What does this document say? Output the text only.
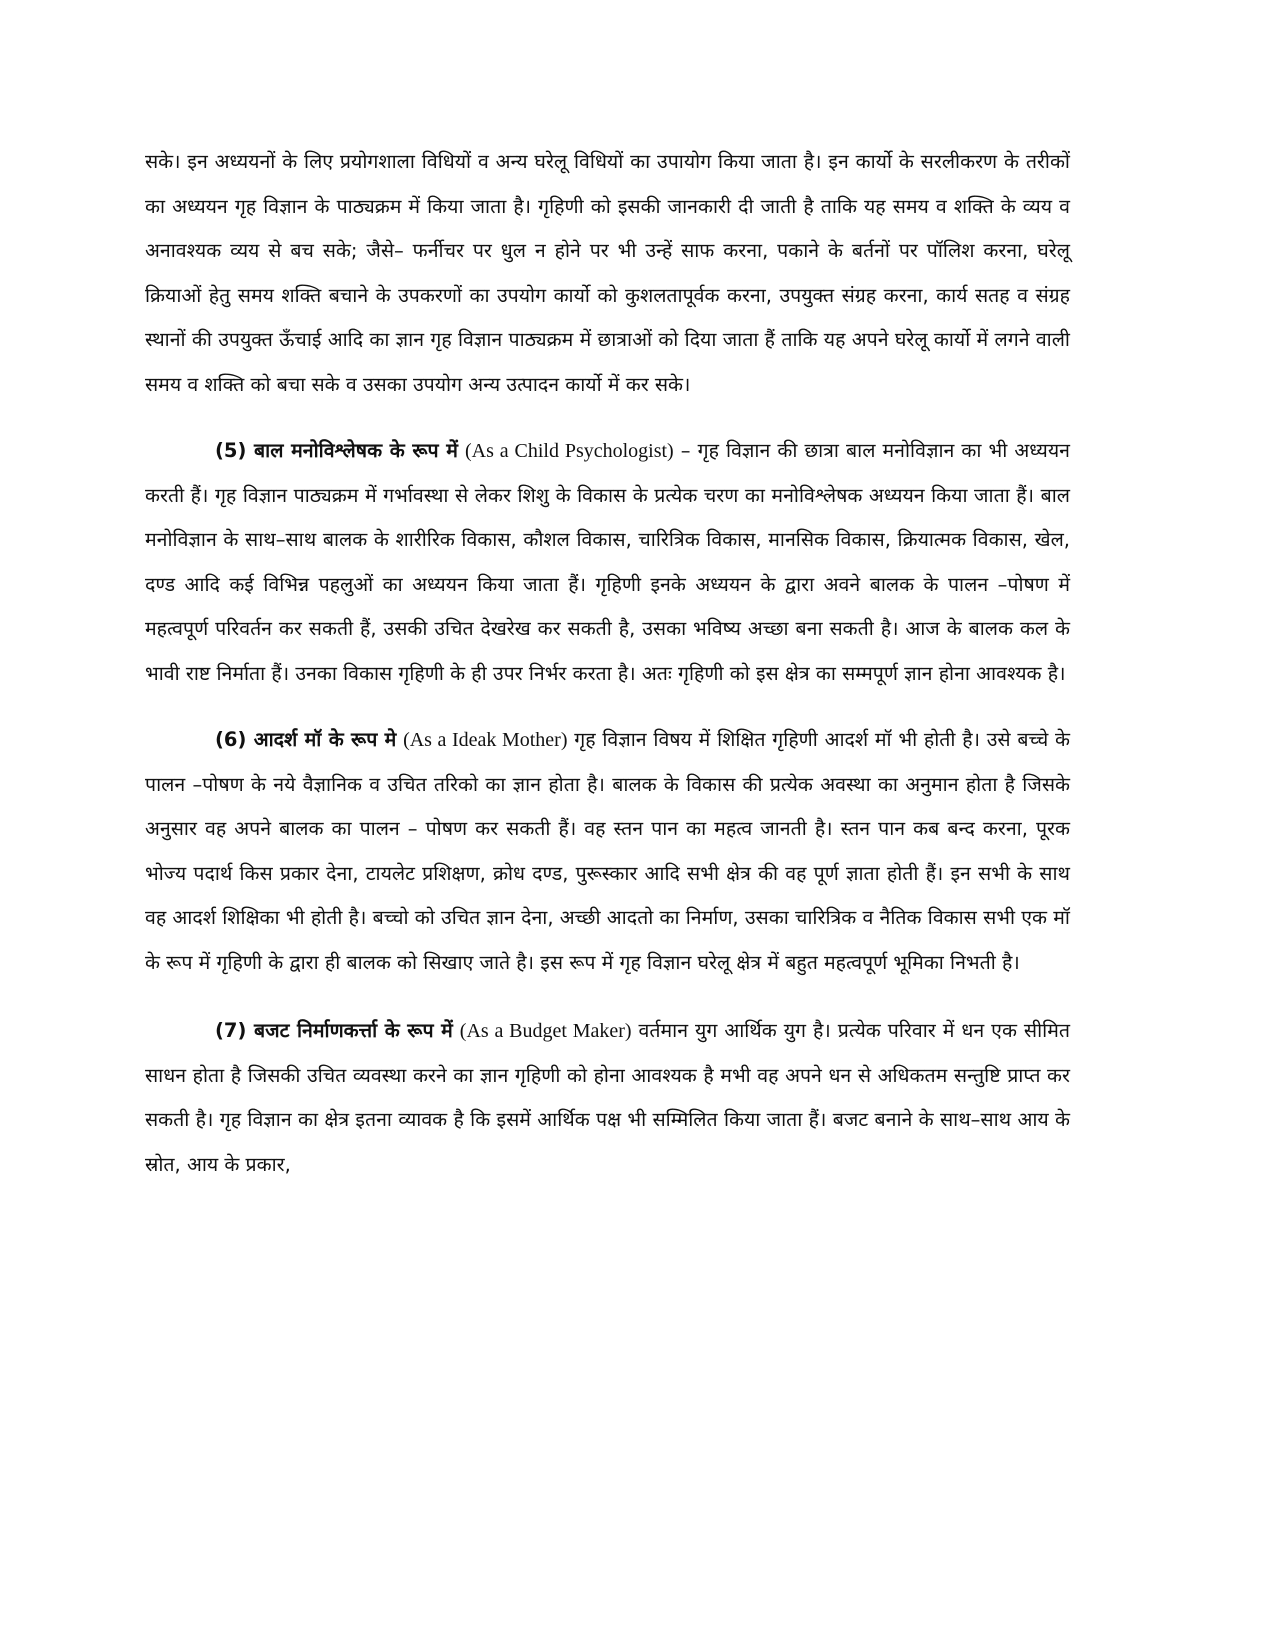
सके। इन अध्ययनों के लिए प्रयोगशाला विधियों व अन्य घरेलू विधियों का उपायोग किया जाता है। इन कार्यो के सरलीकरण के तरीकों का अध्ययन गृह विज्ञान के पाठ्यक्रम में किया जाता है। गृहिणी को इसकी जानकारी दी जाती है ताकि यह समय व शक्ति के व्यय व अनावश्यक व्यय से बच सके; जैसे– फर्नीचर पर धुल न होने पर भी उन्हें साफ करना, पकाने के बर्तनों पर पॉलिश करना, घरेलू क्रियाओं हेतु समय शक्ति बचाने के उपकरणों का उपयोग कार्यो को कुशलतापूर्वक करना, उपयुक्त संग्रह करना, कार्य सतह व संग्रह स्थानों की उपयुक्त ऊँचाई आदि का ज्ञान गृह विज्ञान पाठ्यक्रम में छात्राओं को दिया जाता हैं ताकि यह अपने घरेलू कार्यो में लगने वाली समय व शक्ति को बचा सके व उसका उपयोग अन्य उत्पादन कार्यो में कर सके।

(5) बाल मनोविश्लेषक के रूप में (As a Child Psychologist) – गृह विज्ञान की छात्रा बाल मनोविज्ञान का भी अध्ययन करती हैं। गृह विज्ञान पाठ्यक्रम में गर्भावस्था से लेकर शिशु के विकास के प्रत्येक चरण का मनोविश्लेषक अध्ययन किया जाता हैं। बाल मनोविज्ञान के साथ–साथ बालक के शारीरिक विकास, कौशल विकास, चारित्रिक विकास, मानसिक विकास, क्रियात्मक विकास, खेल, दण्ड आदि कई विभिन्न पहलुओं का अध्ययन किया जाता हैं। गृहिणी इनके अध्ययन के द्वारा अवने बालक के पालन –पोषण में महत्वपूर्ण परिवर्तन कर सकती हैं, उसकी उचित देखरेख कर सकती है, उसका भविष्य अच्छा बना सकती है। आज के बालक कल के भावी राष्ट निर्माता हैं। उनका विकास गृहिणी के ही उपर निर्भर करता है। अतः गृहिणी को इस क्षेत्र का सम्मपूर्ण ज्ञान होना आवश्यक है।

(6) आदर्श मॉ के रूप मे (As a Ideak Mother) गृह विज्ञान विषय में शिक्षित गृहिणी आदर्श मॉ भी होती है। उसे बच्चे के पालन –पोषण के नये वैज्ञानिक व उचित तरिको का ज्ञान होता है। बालक के विकास की प्रत्येक अवस्था का अनुमान होता है जिसके अनुसार वह अपने बालक का पालन – पोषण कर सकती हैं। वह स्तन पान का महत्व जानती है। स्तन पान कब बन्द करना, पूरक भोज्य पदार्थ किस प्रकार देना, टायलेट प्रशिक्षण, क्रोध दण्ड, पुरूस्कार आदि सभी क्षेत्र की वह पूर्ण ज्ञाता होती हैं। इन सभी के साथ वह आदर्श शिक्षिका भी होती है। बच्चो को उचित ज्ञान देना, अच्छी आदतो का निर्माण, उसका चारित्रिक व नैतिक विकास सभी एक मॉ के रूप में गृहिणी के द्वारा ही बालक को सिखाए जाते है। इस रूप में गृह विज्ञान घरेलू क्षेत्र में बहुत महत्वपूर्ण भूमिका निभती है।

(7) बजट निर्माणकर्त्ता के रूप में (As a Budget Maker) वर्तमान युग आर्थिक युग है। प्रत्येक परिवार में धन एक सीमित साधन होता है जिसकी उचित व्यवस्था करने का ज्ञान गृहिणी को होना आवश्यक है मभी वह अपने धन से अधिकतम सन्तुष्टि प्राप्त कर सकती है। गृह विज्ञान का क्षेत्र इतना व्यावक है कि इसमें आर्थिक पक्ष भी सम्मिलित किया जाता हैं। बजट बनाने के साथ–साथ आय के स्रोत, आय के प्रकार,
